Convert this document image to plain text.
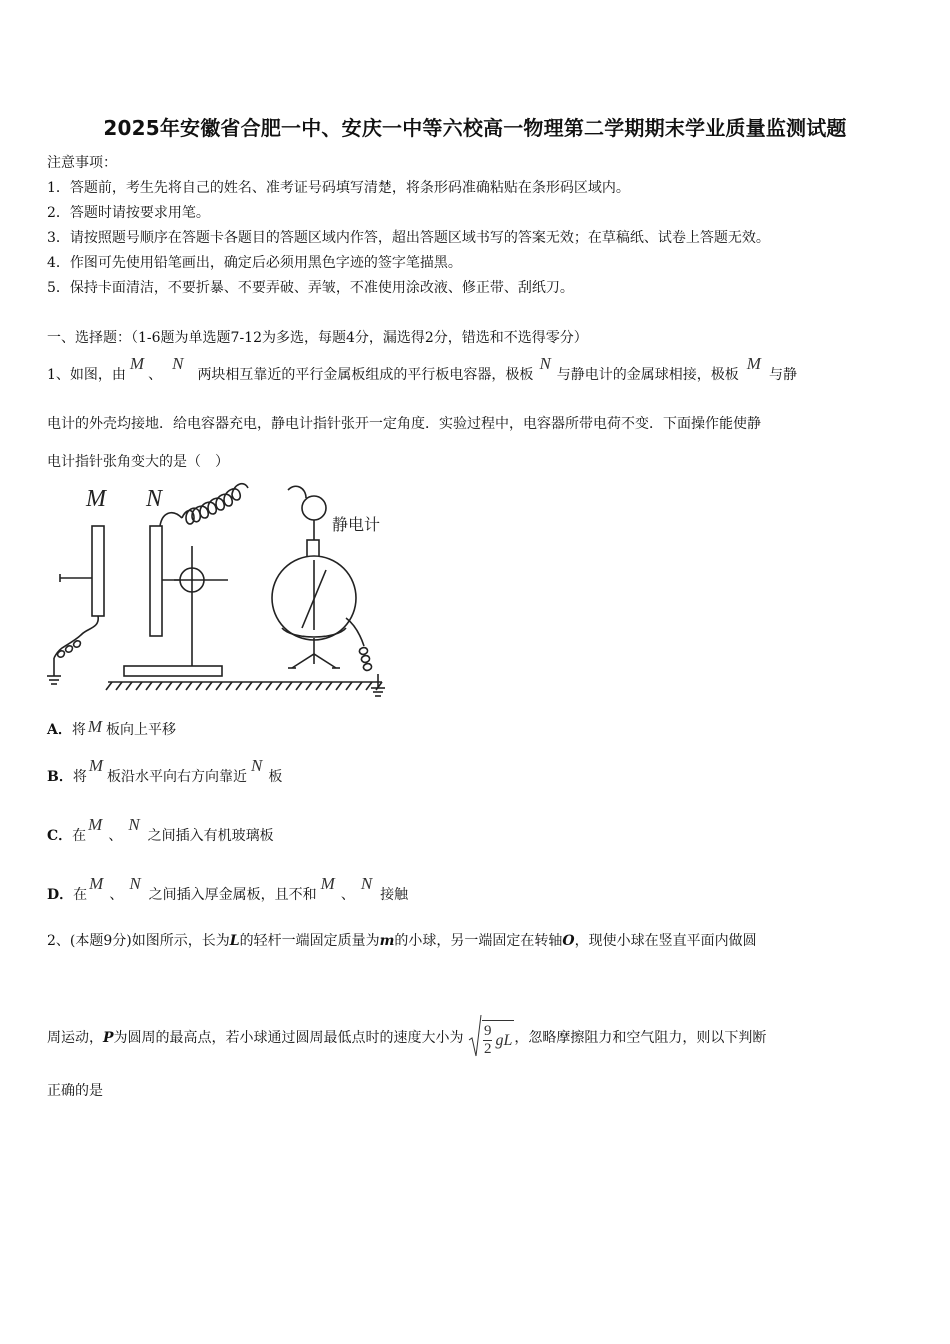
2025年安徽省合肥一中、安庆一中等六校高一物理第二学期期末学业质量监测试题
注意事项：
1．答题前，考生先将自己的姓名、准考证号码填写清楚，将条形码准确粘贴在条形码区域内。
2．答题时请按要求用笔。
3．请按照题号顺序在答题卡各题目的答题区域内作答，超出答题区域书写的答案无效；在草稿纸、试卷上答题无效。
4．作图可先使用铅笔画出，确定后必须用黑色字迹的签字笔描黑。
5．保持卡面清洁，不要折暴、不要弄破、弄皱，不准使用涂改液、修正带、刮纸刀。
一、选择题：（1-6题为单选题7-12为多选，每题4分，漏选得2分，错选和不选得零分）
1、如图，由M、N两块相互靠近的平行金属板组成的平行板电容器，极板N与静电计的金属球相接，极板M与静
电计的外壳均接地．给电容器充电，静电计指针张开一定角度．实验过程中，电容器所带电荷不变．下面操作能使静
电计指针张角变大的是（　）
M N
静电计
A．将 M 板向上平移
B．将M板沿水平向右方向靠近N板
C．在M、N之间插入有机玻璃板
D．在M、N之间插入厚金属板，且不和M、N接触
2、(本题9分)如图所示，长为L的轻杆一端固定质量为m的小球，另一端固定在转轴O，现使小球在竖直平面内做圆
周运动，P为圆周的最高点，若小球通过圆周最低点时的速度大小为 $\frac{9}{2}$ gL ，忽略摩擦阻力和空气阻力，则以下判断
正确的是
